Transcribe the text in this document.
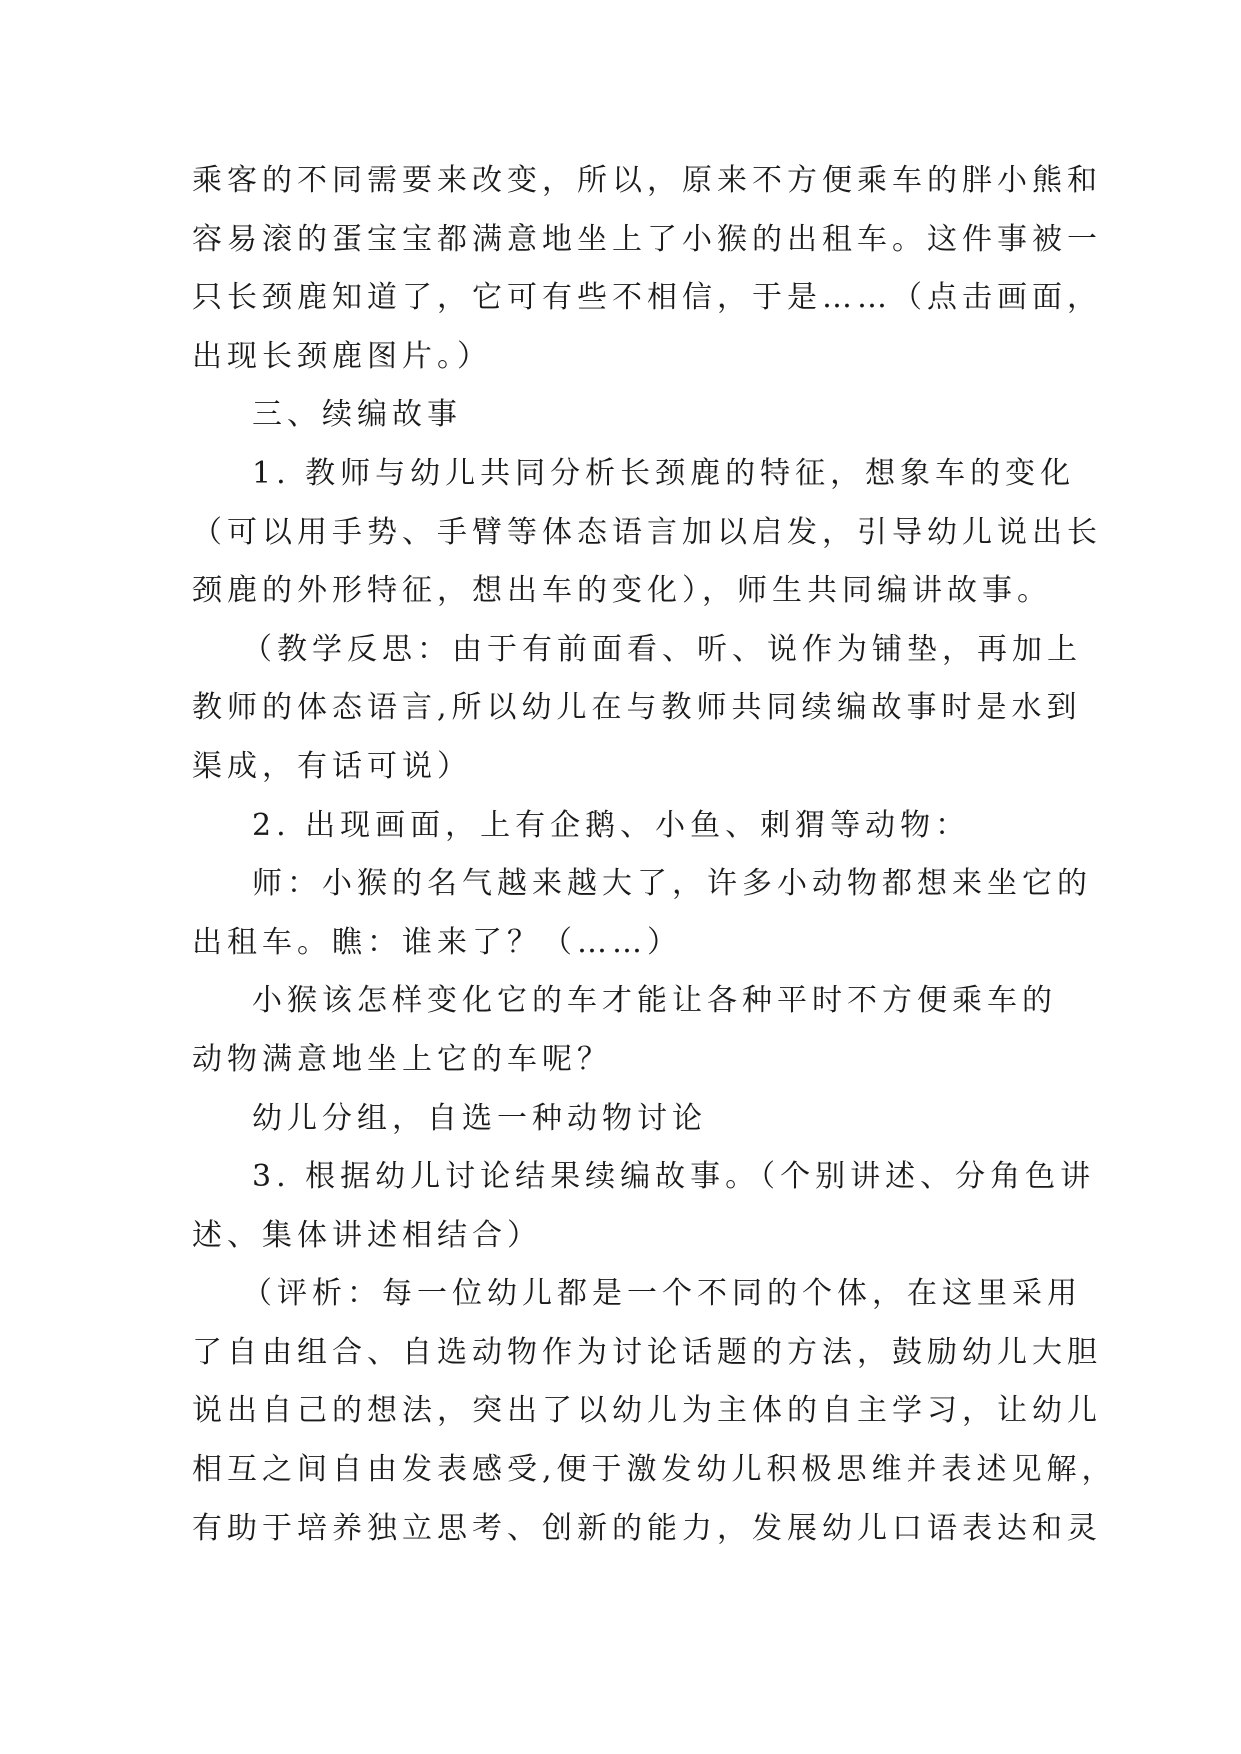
乘客的不同需要来改变，所以，原来不方便乘车的胖小熊和
容易滚的蛋宝宝都满意地坐上了小猴的出租车。这件事被一
只长颈鹿知道了，它可有些不相信，于是……（点击画面，
出现长颈鹿图片。）
三、续编故事
1. 教师与幼儿共同分析长颈鹿的特征，想象车的变化
（可以用手势、手臂等体态语言加以启发，引导幼儿说出长
颈鹿的外形特征，想出车的变化），师生共同编讲故事。
（教学反思：由于有前面看、听、说作为铺垫，再加上
教师的体态语言,所以幼儿在与教师共同续编故事时是水到
渠成，有话可说）
2. 出现画面，上有企鹅、小鱼、刺猬等动物：
师：小猴的名气越来越大了，许多小动物都想来坐它的
出租车。瞧：谁来了？（……）
小猴该怎样变化它的车才能让各种平时不方便乘车的
动物满意地坐上它的车呢？
幼儿分组，自选一种动物讨论
3. 根据幼儿讨论结果续编故事。（个别讲述、分角色讲
述、集体讲述相结合）
（评析：每一位幼儿都是一个不同的个体，在这里采用
了自由组合、自选动物作为讨论话题的方法，鼓励幼儿大胆
说出自己的想法，突出了以幼儿为主体的自主学习，让幼儿
相互之间自由发表感受,便于激发幼儿积极思维并表述见解，
有助于培养独立思考、创新的能力，发展幼儿口语表达和灵
